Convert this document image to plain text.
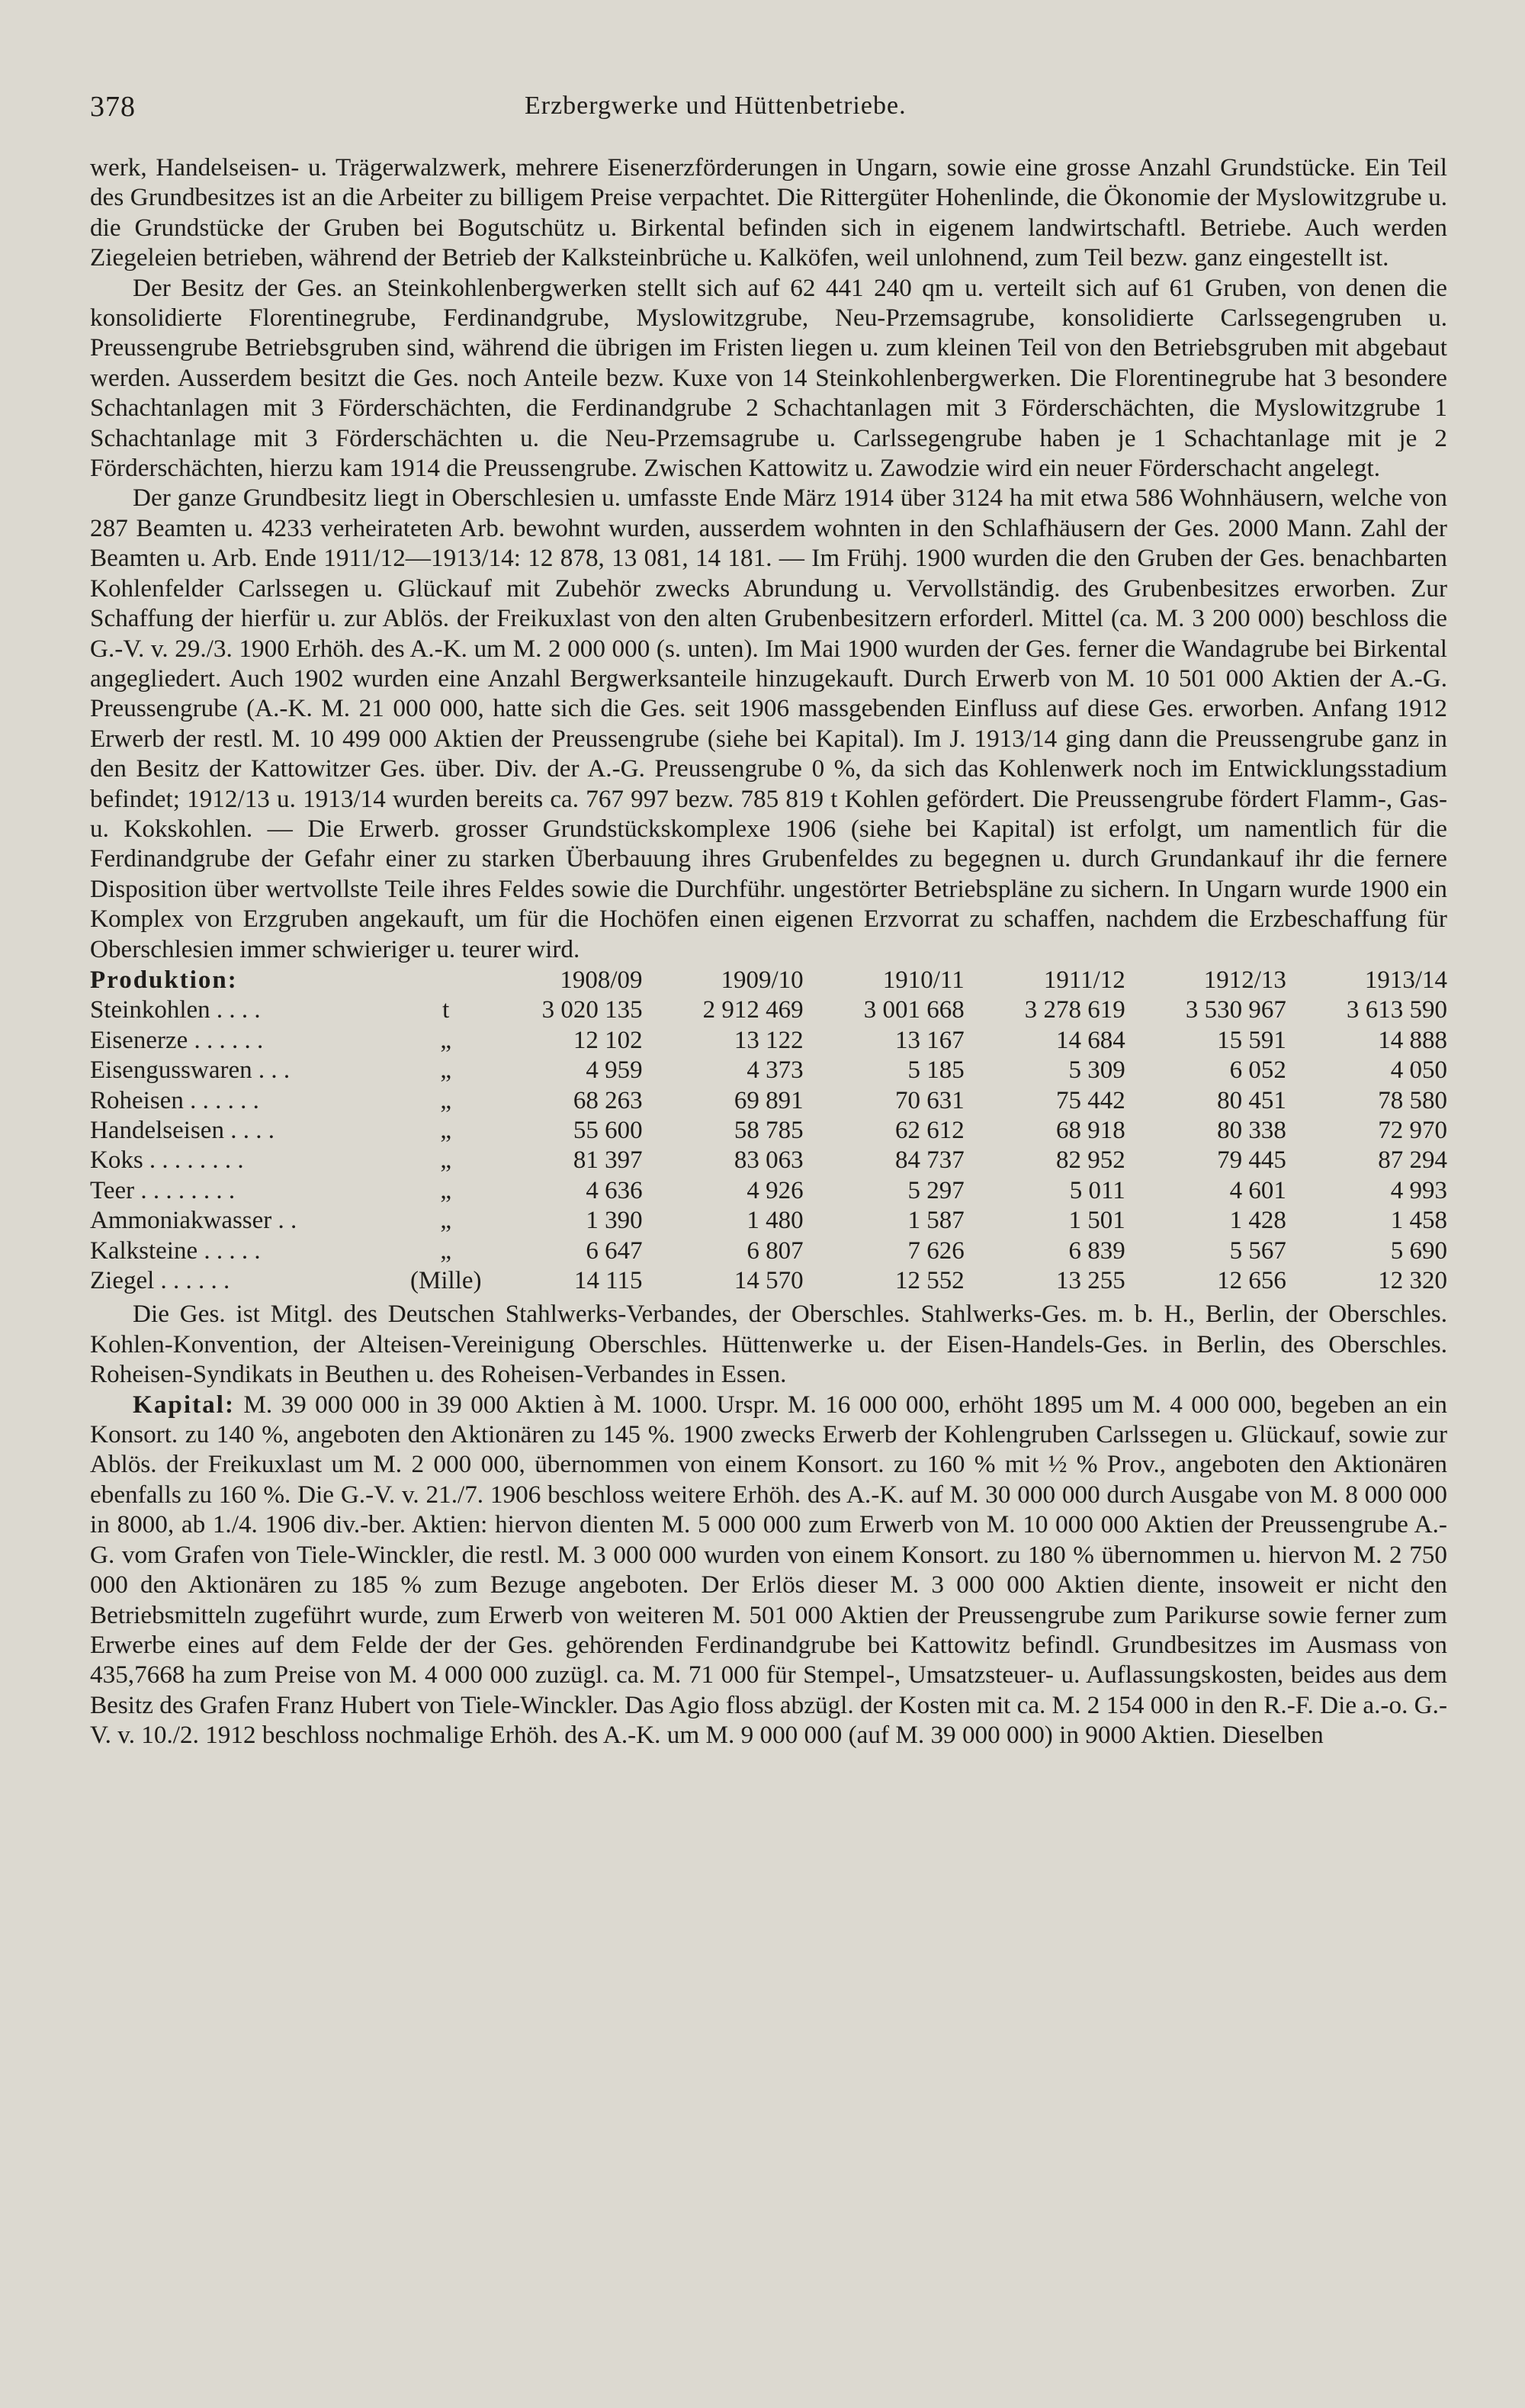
378	Erzbergwerke und Hüttenbetriebe.

werk, Handelseisen- u. Trägerwalzwerk, mehrere Eisenerzförderungen in Ungarn, sowie eine grosse Anzahl Grundstücke. Ein Teil des Grundbesitzes ist an die Arbeiter zu billigem Preise verpachtet. Die Rittergüter Hohenlinde, die Ökonomie der Myslowitzgrube u. die Grundstücke der Gruben bei Bogutschütz u. Birkental befinden sich in eigenem landwirtschaftl. Betriebe. Auch werden Ziegeleien betrieben, während der Betrieb der Kalksteinbrüche u. Kalköfen, weil unlohnend, zum Teil bezw. ganz eingestellt ist.

Der Besitz der Ges. an Steinkohlenbergwerken stellt sich auf 62 441 240 qm u. verteilt sich auf 61 Gruben, von denen die konsolidierte Florentinegrube, Ferdinandgrube, Myslowitzgrube, Neu-Przemsagrube, konsolidierte Carlssegengruben u. Preussengrube Betriebsgruben sind, während die übrigen im Fristen liegen u. zum kleinen Teil von den Betriebsgruben mit abgebaut werden. Ausserdem besitzt die Ges. noch Anteile bezw. Kuxe von 14 Steinkohlenbergwerken. Die Florentinegrube hat 3 besondere Schachtanlagen mit 3 Förderschächten, die Ferdinandgrube 2 Schachtanlagen mit 3 Förderschächten, die Myslowitzgrube 1 Schachtanlage mit 3 Förderschächten u. die Neu-Przemsagrube u. Carlssegengrube haben je 1 Schachtanlage mit je 2 Förderschächten, hierzu kam 1914 die Preussengrube. Zwischen Kattowitz u. Zawodzie wird ein neuer Förderschacht angelegt.

Der ganze Grundbesitz liegt in Oberschlesien u. umfasste Ende März 1914 über 3124 ha mit etwa 586 Wohnhäusern, welche von 287 Beamten u. 4233 verheirateten Arb. bewohnt wurden, ausserdem wohnten in den Schlafhäusern der Ges. 2000 Mann. Zahl der Beamten u. Arb. Ende 1911/12—1913/14: 12 878, 13 081, 14 181. — Im Frühj. 1900 wurden die den Gruben der Ges. benachbarten Kohlenfelder Carlssegen u. Glückauf mit Zubehör zwecks Abrundung u. Vervollständig. des Grubenbesitzes erworben. Zur Schaffung der hierfür u. zur Ablös. der Freikuxlast von den alten Grubenbesitzern erforderl. Mittel (ca. M. 3 200 000) beschloss die G.-V. v. 29./3. 1900 Erhöh. des A.-K. um M. 2 000 000 (s. unten). Im Mai 1900 wurden der Ges. ferner die Wandagrube bei Birkental angegliedert. Auch 1902 wurden eine Anzahl Bergwerksanteile hinzugekauft. Durch Erwerb von M. 10 501 000 Aktien der A.-G. Preussengrube (A.-K. M. 21 000 000, hatte sich die Ges. seit 1906 massgebenden Einfluss auf diese Ges. erworben. Anfang 1912 Erwerb der restl. M. 10 499 000 Aktien der Preussengrube (siehe bei Kapital). Im J. 1913/14 ging dann die Preussengrube ganz in den Besitz der Kattowitzer Ges. über. Div. der A.-G. Preussengrube 0 %, da sich das Kohlenwerk noch im Entwicklungsstadium befindet; 1912/13 u. 1913/14 wurden bereits ca. 767 997 bezw. 785 819 t Kohlen gefördert. Die Preussengrube fördert Flamm-, Gas- u. Kokskohlen. — Die Erwerb. grosser Grundstückskomplexe 1906 (siehe bei Kapital) ist erfolgt, um namentlich für die Ferdinandgrube der Gefahr einer zu starken Überbauung ihres Grubenfeldes zu begegnen u. durch Grundankauf ihr die fernere Disposition über wertvollste Teile ihres Feldes sowie die Durchführ. ungestörter Betriebspläne zu sichern. In Ungarn wurde 1900 ein Komplex von Erzgruben angekauft, um für die Hochöfen einen eigenen Erzvorrat zu schaffen, nachdem die Erzbeschaffung für Oberschlesien immer schwieriger u. teurer wird.

Produktion:		1908/09	1909/10	1910/11	1911/12	1912/13	1913/14
Steinkohlen . . . .	t	3 020 135	2 912 469	3 001 668	3 278 619	3 530 967	3 613 590
Eisenerze . . . . . .	„	12 102	13 122	13 167	14 684	15 591	14 888
Eisengusswaren . . .	„	4 959	4 373	5 185	5 309	6 052	4 050
Roheisen . . . . . .	„	68 263	69 891	70 631	75 442	80 451	78 580
Handelseisen . . . .	„	55 600	58 785	62 612	68 918	80 338	72 970
Koks . . . . . . . .	„	81 397	83 063	84 737	82 952	79 445	87 294
Teer . . . . . . . .	„	4 636	4 926	5 297	5 011	4 601	4 993
Ammoniakwasser . .	„	1 390	1 480	1 587	1 501	1 428	1 458
Kalksteine . . . . .	„	6 647	6 807	7 626	6 839	5 567	5 690
Ziegel . . . . . .	(Mille)	14 115	14 570	12 552	13 255	12 656	12 320

Die Ges. ist Mitgl. des Deutschen Stahlwerks-Verbandes, der Oberschles. Stahlwerks-Ges. m. b. H., Berlin, der Oberschles. Kohlen-Konvention, der Alteisen-Vereinigung Oberschles. Hüttenwerke u. der Eisen-Handels-Ges. in Berlin, des Oberschles. Roheisen-Syndikats in Beuthen u. des Roheisen-Verbandes in Essen.

Kapital: M. 39 000 000 in 39 000 Aktien à M. 1000. Urspr. M. 16 000 000, erhöht 1895 um M. 4 000 000, begeben an ein Konsort. zu 140 %, angeboten den Aktionären zu 145 %. 1900 zwecks Erwerb der Kohlengruben Carlssegen u. Glückauf, sowie zur Ablös. der Freikuxlast um M. 2 000 000, übernommen von einem Konsort. zu 160 % mit ½ % Prov., angeboten den Aktionären ebenfalls zu 160 %. Die G.-V. v. 21./7. 1906 beschloss weitere Erhöh. des A.-K. auf M. 30 000 000 durch Ausgabe von M. 8 000 000 in 8000, ab 1./4. 1906 div.-ber. Aktien: hiervon dienten M. 5 000 000 zum Erwerb von M. 10 000 000 Aktien der Preussengrube A.-G. vom Grafen von Tiele-Winckler, die restl. M. 3 000 000 wurden von einem Konsort. zu 180 % übernommen u. hiervon M. 2 750 000 den Aktionären zu 185 % zum Bezuge angeboten. Der Erlös dieser M. 3 000 000 Aktien diente, insoweit er nicht den Betriebsmitteln zugeführt wurde, zum Erwerb von weiteren M. 501 000 Aktien der Preussengrube zum Parikurse sowie ferner zum Erwerbe eines auf dem Felde der der Ges. gehörenden Ferdinandgrube bei Kattowitz befindl. Grundbesitzes im Ausmass von 435,7668 ha zum Preise von M. 4 000 000 zuzügl. ca. M. 71 000 für Stempel-, Umsatzsteuer- u. Auflassungskosten, beides aus dem Besitz des Grafen Franz Hubert von Tiele-Winckler. Das Agio floss abzügl. der Kosten mit ca. M. 2 154 000 in den R.-F. Die a.-o. G.-V. v. 10./2. 1912 beschloss nochmalige Erhöh. des A.-K. um M. 9 000 000 (auf M. 39 000 000) in 9000 Aktien. Dieselben
